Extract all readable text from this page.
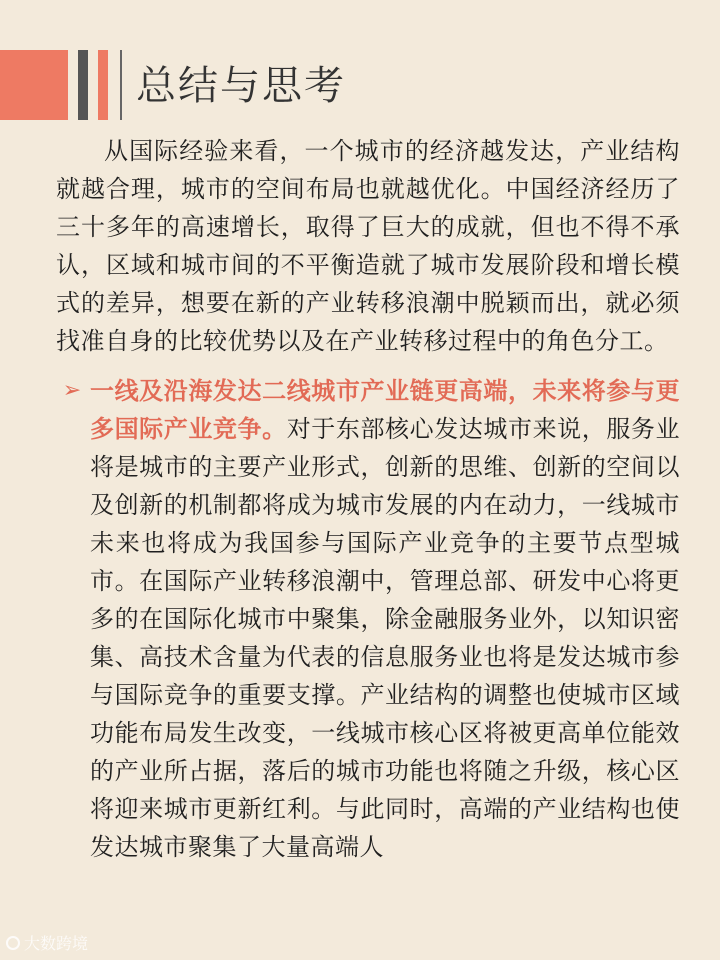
总结与思考

从国际经验来看，一个城市的经济越发达，产业结构就越合理，城市的空间布局也就越优化。中国经济经历了三十多年的高速增长，取得了巨大的成就，但也不得不承认，区域和城市间的不平衡造就了城市发展阶段和增长模式的差异，想要在新的产业转移浪潮中脱颖而出，就必须找准自身的比较优势以及在产业转移过程中的角色分工。

➢ 一线及沿海发达二线城市产业链更高端，未来将参与更多国际产业竞争。对于东部核心发达城市来说，服务业将是城市的主要产业形式，创新的思维、创新的空间以及创新的机制都将成为城市发展的内在动力，一线城市未来也将成为我国参与国际产业竞争的主要节点型城市。在国际产业转移浪潮中，管理总部、研发中心将更多的在国际化城市中聚集，除金融服务业外，以知识密集、高技术含量为代表的信息服务业也将是发达城市参与国际竞争的重要支撑。产业结构的调整也使城市区域功能布局发生改变，一线城市核心区将被更高单位能效的产业所占据，落后的城市功能也将随之升级，核心区将迎来城市更新红利。与此同时，高端的产业结构也使发达城市聚集了大量高端人
大数跨境
